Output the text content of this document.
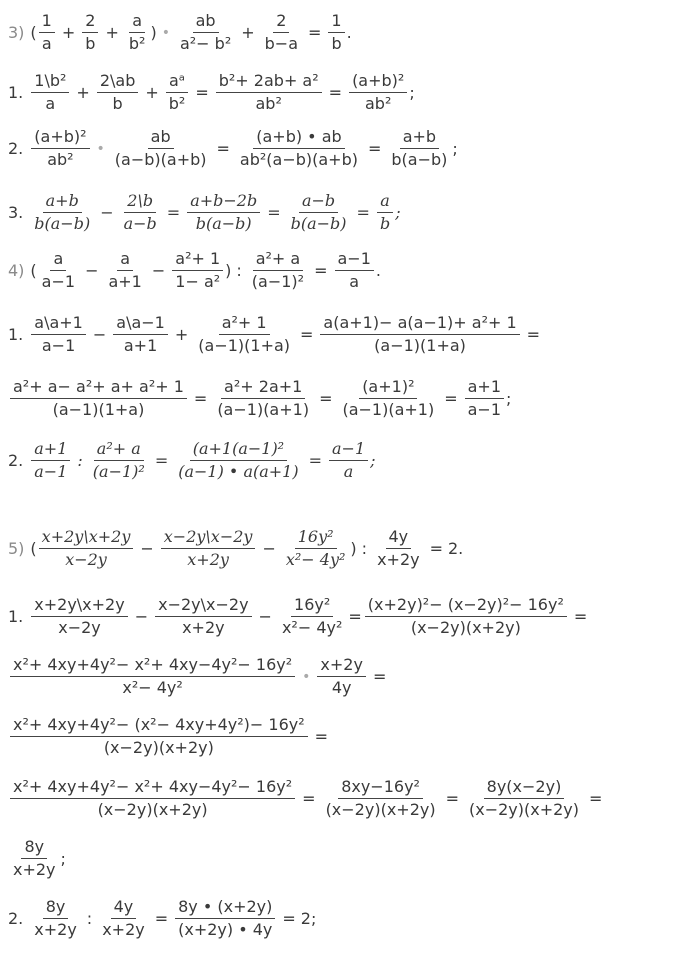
3) (
1
a
+ $\frac{2}{b} + \frac{a}{\text{b²}}$ ) •
ab
a²− b²
+ $\frac{2}{b-a} = \frac{1}{b}$ .
1.
1\b²
a
+ $\frac{2\backslash ab}{b} + \frac{\text{aᵃ}}{\text{b²}} = \frac{\text{b²+ 2ab+ a²}}{\text{ab²}} = \frac{\text{(a+b)²}}{\text{ab²}}$ ;
2.
(a+b)²
ab²
• $\frac{ab}{(a-b)(a+b)} = \frac{(a+b) • ab}{\text{ab²(a−b)(a+b)}} = \frac{a+b}{b(a-b)}$ ;
3.
a+b
b(a−b)
− $\frac{2\backslash b}{a-b} = \frac{a+b-2b}{b(a-b)} = \frac{a-b}{b(a-b)} = \frac{a}{b}$ ;
4) (
a
a−1
− $\frac{a}{a+1} - \frac{\text{a²+ 1}}{\text{1− a²}}$ ) : $\frac{\text{a²+ a}}{\text{(a−1)²}} = \frac{a-1}{a}$ .
1.
a\a+1
a−1
− $\frac{a\backslash a-1}{a+1} + \frac{\text{a²+ 1}}{(a-1)(1+a)} = \frac{\text{a(a+1)− a(a−1)+ a²+ 1}}{(a-1)(1+a)}$ =
$\frac{\text{a²+ a− a²+ a+ a²+ 1}}{(a-1)(1+a)} = \frac{\text{a²+ 2a+1}}{(a-1)(a+1)} = \frac{\text{(a+1)²}}{(a-1)(a+1)} = \frac{a+1}{a-1}$ ;
2.
a+1
a−1
: $\frac{\text{a²+ a}}{\text{(a−1)²}} = \frac{\text{(a+1(a−1)²}}{(a-1) • a(a+1)} = \frac{a-1}{a}$ ;
5) (
x+2y\x+2y
x−2y
− $\frac{x-2y\backslash x-2y}{x+2y} - \frac{\text{16y²}}{\text{x²− 4y²}}$ ) : $\frac{4y}{x+2y} = 2$.
1.
x+2y\x+2y
x−2y
− $\frac{x-2y\backslash x-2y}{x+2y} - \frac{\text{16y²}}{\text{x²− 4y²}} = \frac{\text{(x+2y)²− (x−2y)²− 16y²}}{(x-2y)(x+2y)}$ =
x²+ 4xy+4y²− x²+ 4xy−4y²− 16y²
x²− 4y²
• $\frac{x+2y}{4y}$ =
$\frac{\text{x²+ 4xy+4y²− (x²− 4xy+4y²)− 16y²}}{(x-2y)(x+2y)}$ =
$\frac{\text{x²+ 4xy+4y²− x²+ 4xy−4y²− 16y²}}{(x-2y)(x+2y)} = \frac{\text{8xy−16y²}}{(x-2y)(x+2y)} = \frac{8y(x-2y)}{(x-2y)(x+2y)}$ =
8y
x+2y
;
2.
8y
x+2y
: $\frac{4y}{x+2y} = \frac{8y • (x+2y)}{(x+2y) • 4y} = 2$;
